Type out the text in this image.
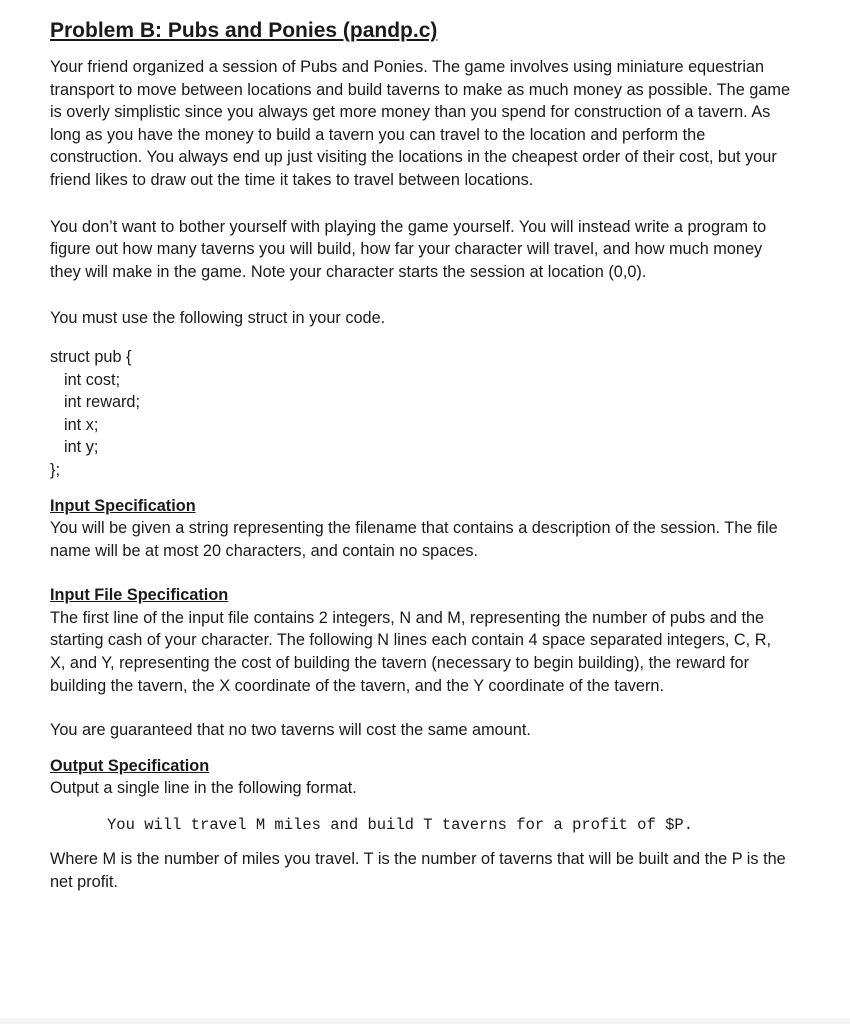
Problem B: Pubs and Ponies (pandp.c)

Your friend organized a session of Pubs and Ponies. The game involves using miniature equestrian transport to move between locations and build taverns to make as much money as possible. The game is overly simplistic since you always get more money than you spend for construction of a tavern. As long as you have the money to build a tavern you can travel to the location and perform the construction. You always end up just visiting the locations in the cheapest order of their cost, but your friend likes to draw out the time it takes to travel between locations.

You don’t want to bother yourself with playing the game yourself. You will instead write a program to figure out how many taverns you will build, how far your character will travel, and how much money they will make in the game. Note your character starts the session at location (0,0).

You must use the following struct in your code.

struct pub {
int cost;
int reward;
int x;
int y;
};
Input Specification

You will be given a string representing the filename that contains a description of the session. The file name will be at most 20 characters, and contain no spaces.

Input File Specification

The first line of the input file contains 2 integers, N and M, representing the number of pubs and the starting cash of your character. The following N lines each contain 4 space separated integers, C, R, X, and Y, representing the cost of building the tavern (necessary to begin building), the reward for building the tavern, the X coordinate of the tavern, and the Y coordinate of the tavern.

You are guaranteed that no two taverns will cost the same amount.

Output Specification

Output a single line in the following format.

You will travel M miles and build T taverns for a profit of $P.

Where M is the number of miles you travel. T is the number of taverns that will be built and the P is the net profit.
